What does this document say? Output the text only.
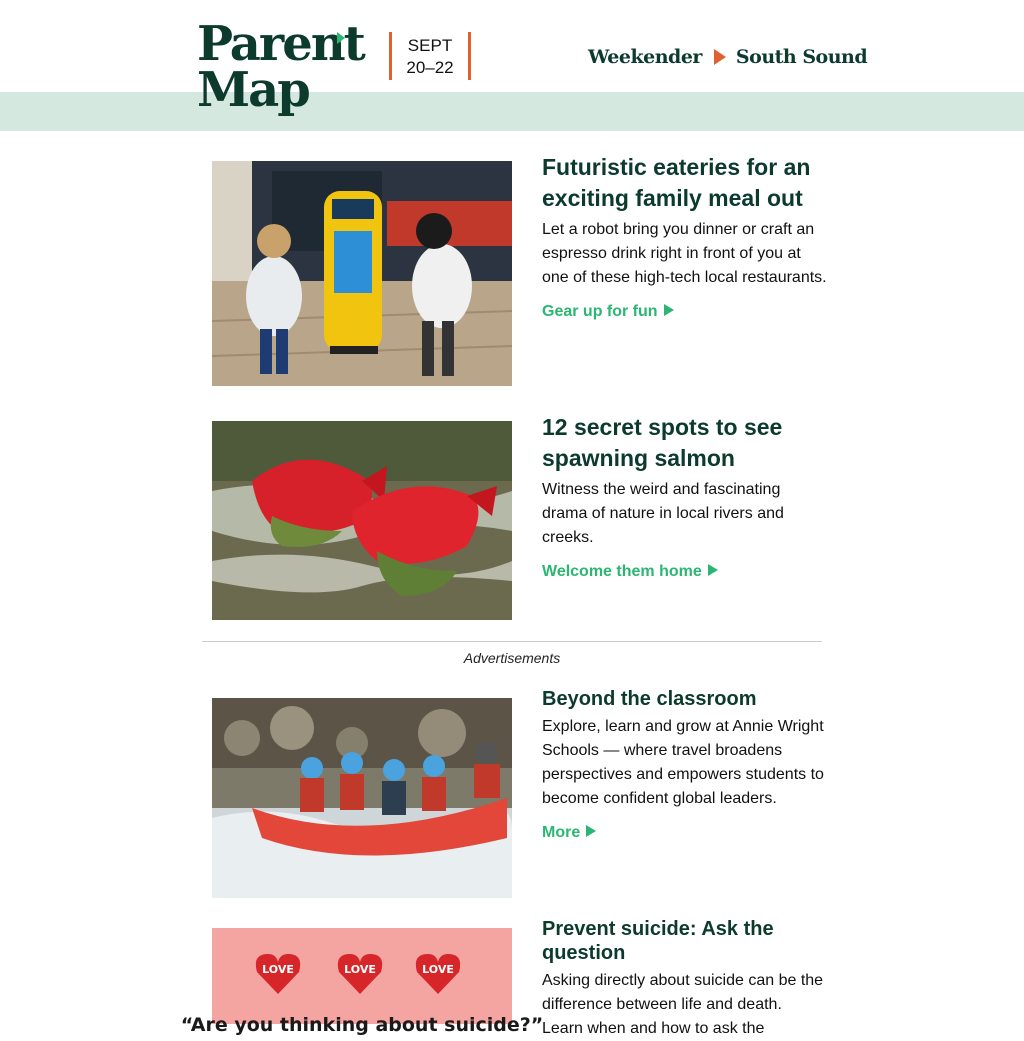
Parent
Map
SEPT
20–22	Weekender South Sound
Futuristic eateries for an exciting family meal out
Let a robot bring you dinner or craft an espresso drink right in front of you at one of these high-tech local restaurants.
Gear up for fun
12 secret spots to see spawning salmon
Witness the weird and fascinating drama of nature in local rivers and creeks.
Welcome them home
Advertisements
Beyond the classroom
Explore, learn and grow at Annie Wright Schools — where travel broadens perspectives and empowers students to become confident global leaders.
More
LOVE	LOVE	LOVE
“Are you thinking about suicide?”
Prevent suicide: Ask the question
Asking directly about suicide can be the difference between life and death. Learn when and how to ask the
